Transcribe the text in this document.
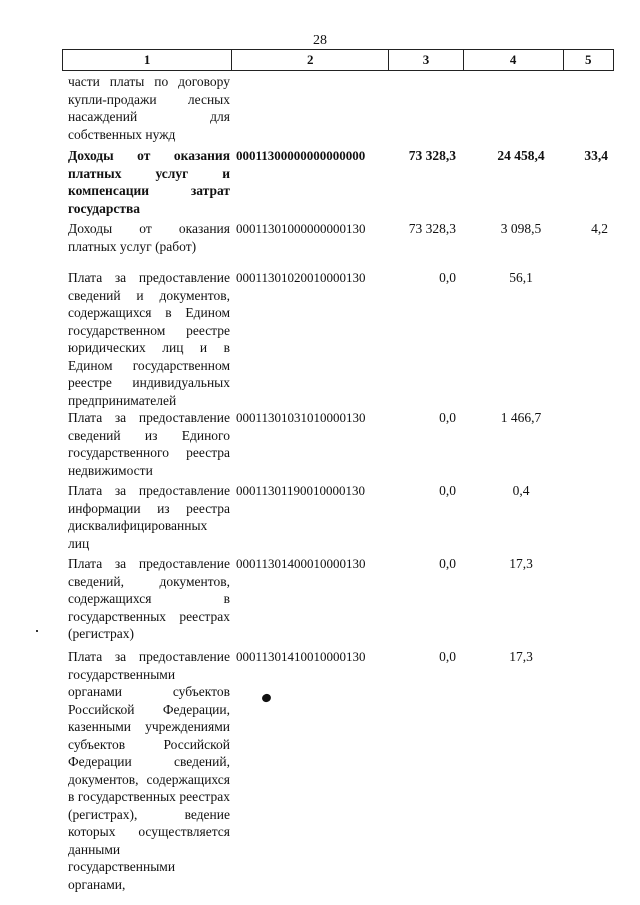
28
1	2	3	4	5
части платы по договору купли-продажи лесных насаждений для собственных нужд
Доходы от оказания платных услуг и компенсации затрат государства
00011300000000000000	73 328,3	24 458,4	33,4
Доходы от оказания платных услуг (работ)
00011301000000000130	73 328,3	3 098,5	4,2
Плата за предоставление сведений и документов, содержащихся в Едином государственном реестре юридических лиц и в Едином государственном реестре индивидуальных предпринимателей
00011301020010000130	0,0	56,1
Плата за предоставление сведений из Единого государственного реестра недвижимости
00011301031010000130	0,0	1 466,7
Плата за предоставление информации из реестра дисквалифицированных лиц
00011301190010000130	0,0	0,4
Плата за предоставление сведений, документов, содержащихся в государственных реестрах (регистрах)
00011301400010000130	0,0	17,3
Плата за предоставление государственными органами субъектов Российской Федерации, казенными учреждениями субъектов Российской Федерации сведений, документов, содержащихся в государственных реестрах (регистрах), ведение которых осуществляется данными государственными органами,
00011301410010000130	0,0	17,3
